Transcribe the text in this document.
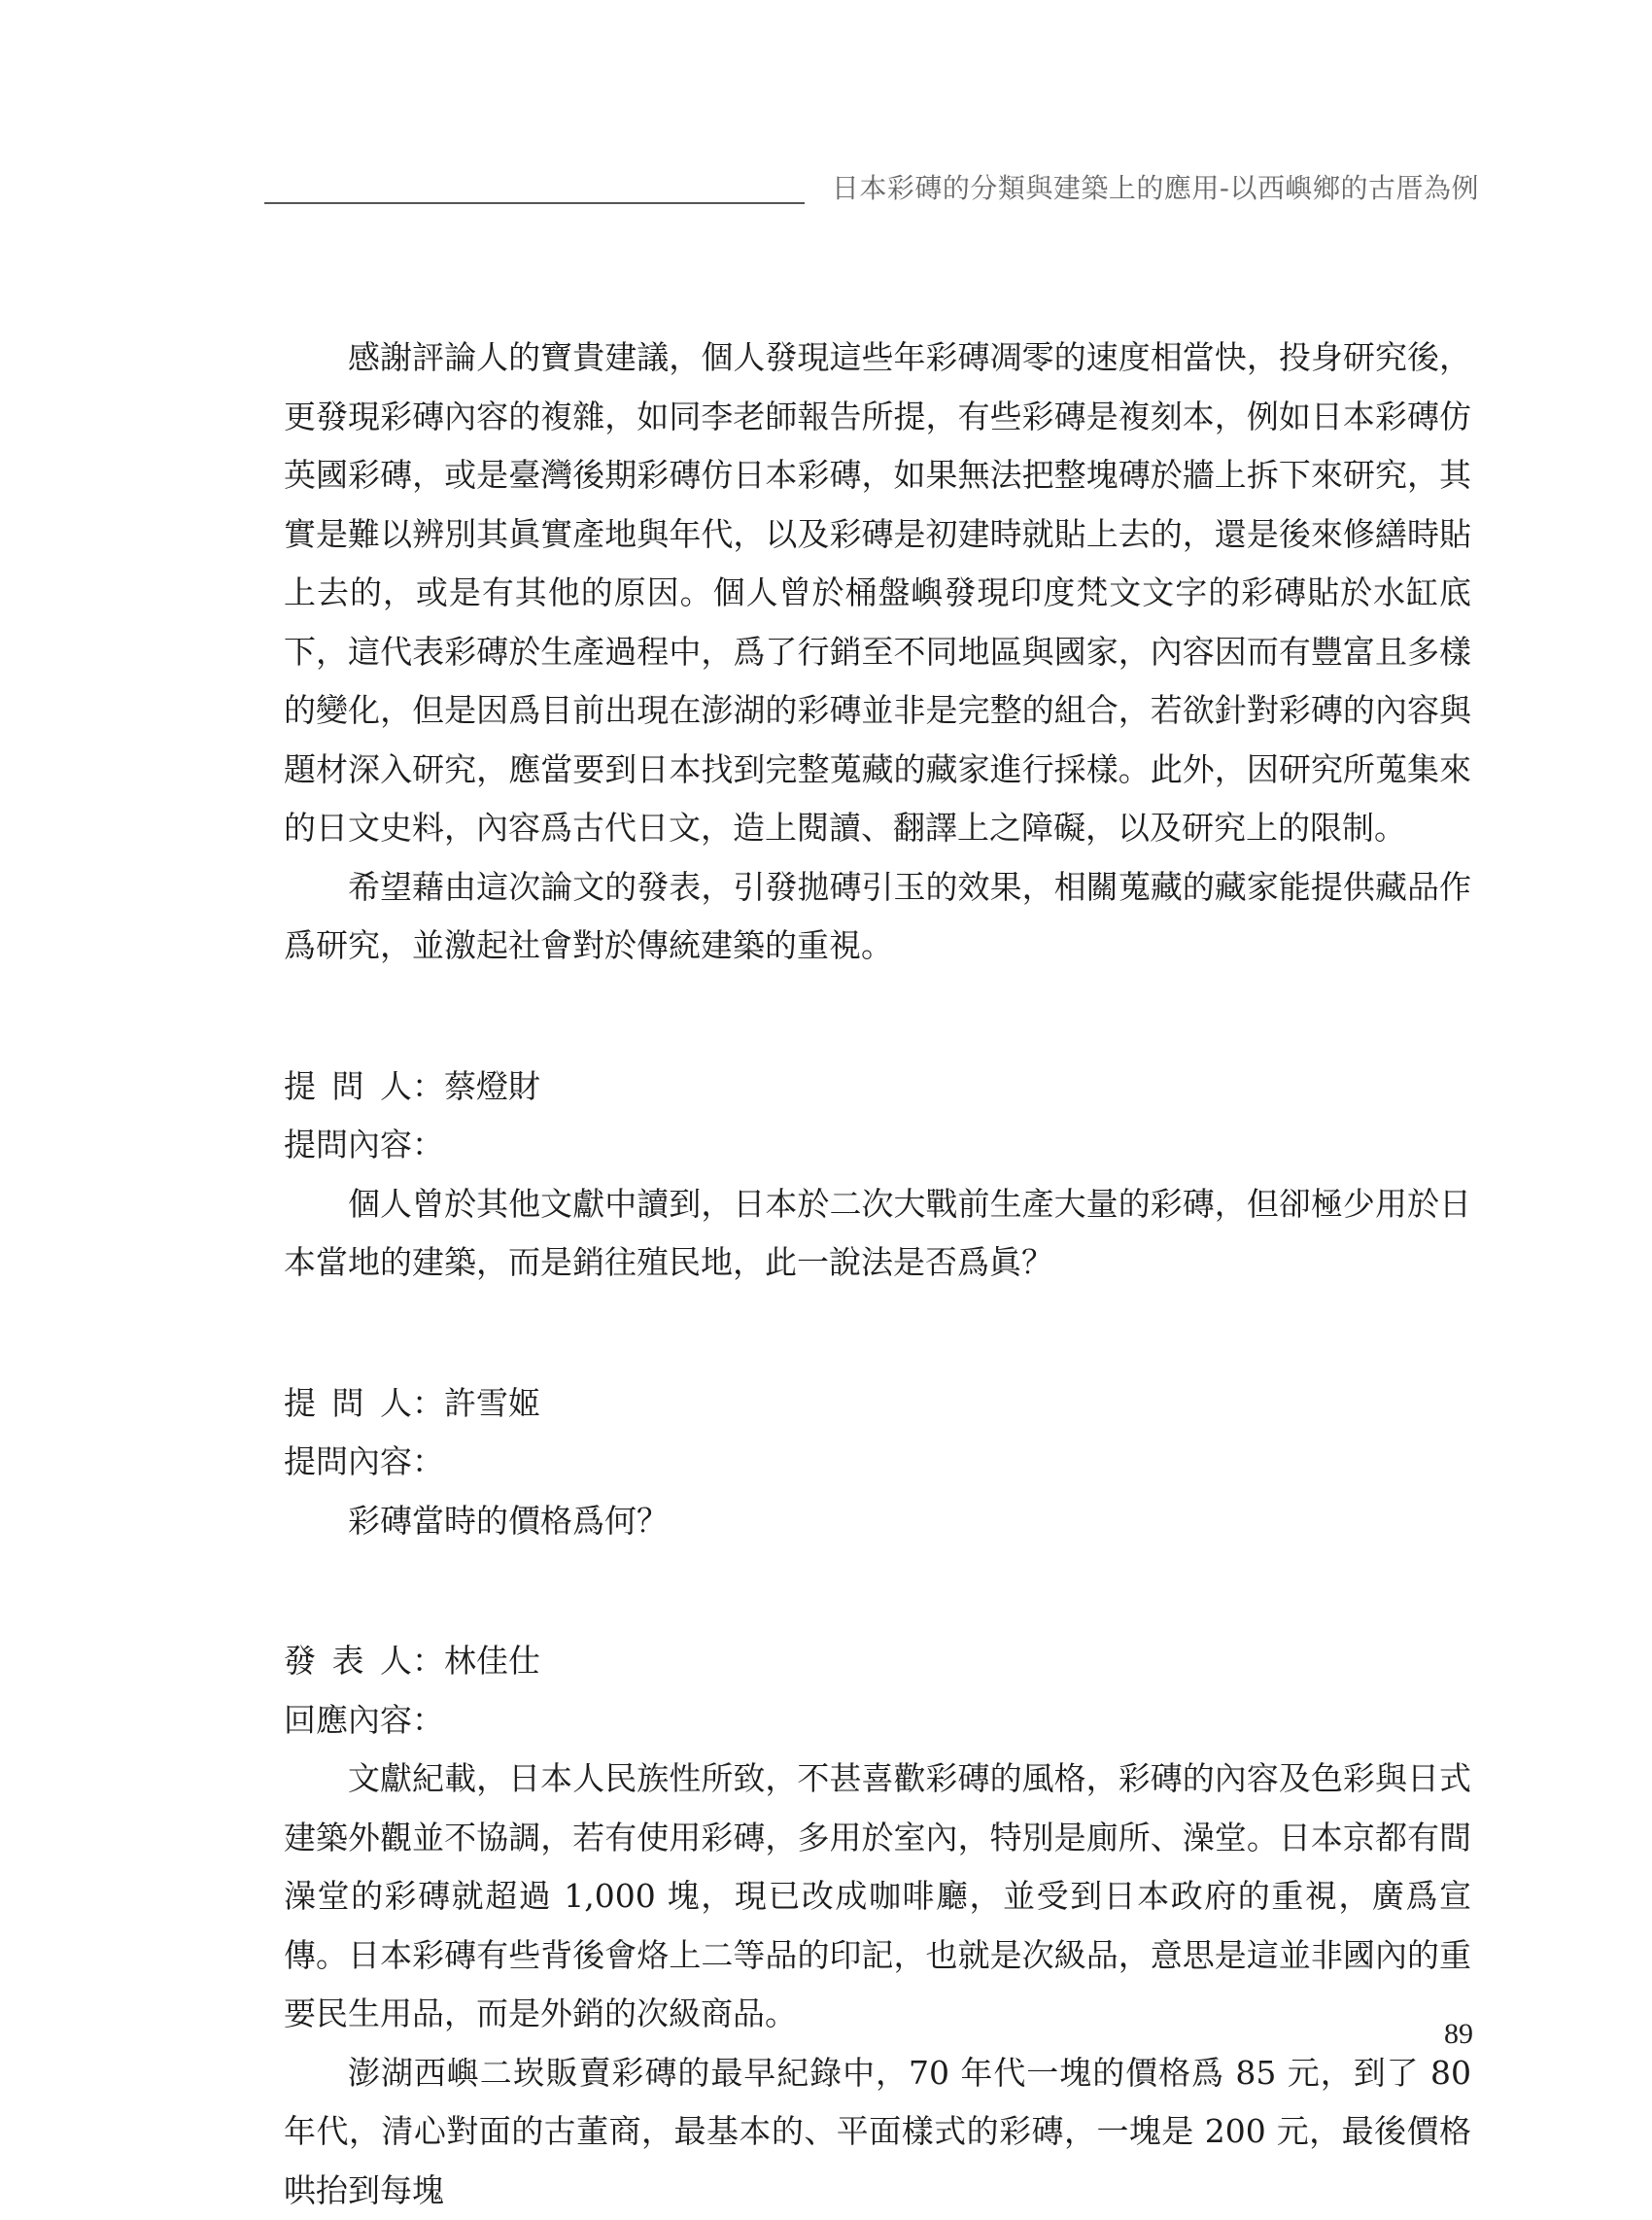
日本彩磚的分類與建築上的應用-以西嶼鄉的古厝為例

感謝評論人的寶貴建議，個人發現這些年彩磚凋零的速度相當快，投身研究後，更發現彩磚內容的複雜，如同李老師報告所提，有些彩磚是複刻本，例如日本彩磚仿英國彩磚，或是臺灣後期彩磚仿日本彩磚，如果無法把整塊磚於牆上拆下來研究，其實是難以辨別其眞實產地與年代，以及彩磚是初建時就貼上去的，還是後來修繕時貼上去的，或是有其他的原因。個人曾於桶盤嶼發現印度梵文文字的彩磚貼於水缸底下，這代表彩磚於生產過程中，爲了行銷至不同地區與國家，內容因而有豐富且多樣的變化，但是因爲目前出現在澎湖的彩磚並非是完整的組合，若欲針對彩磚的內容與題材深入研究，應當要到日本找到完整蒐藏的藏家進行採樣。此外，因研究所蒐集來的日文史料，內容爲古代日文，造上閱讀、翻譯上之障礙，以及研究上的限制。

希望藉由這次論文的發表，引發拋磚引玉的效果，相關蒐藏的藏家能提供藏品作爲研究，並激起社會對於傳統建築的重視。

提問人：蔡燈財

提問內容：

個人曾於其他文獻中讀到，日本於二次大戰前生產大量的彩磚，但卻極少用於日本當地的建築，而是銷往殖民地，此一說法是否爲眞？

提問人：許雪姬

提問內容：

彩磚當時的價格爲何？

發表人：林佳仕

回應內容：

文獻紀載，日本人民族性所致，不甚喜歡彩磚的風格，彩磚的內容及色彩與日式建築外觀並不協調，若有使用彩磚，多用於室內，特別是廁所、澡堂。日本京都有間澡堂的彩磚就超過 1,000 塊，現已改成咖啡廳，並受到日本政府的重視，廣爲宣傳。日本彩磚有些背後會烙上二等品的印記，也就是次級品，意思是這並非國內的重要民生用品，而是外銷的次級商品。

澎湖西嶼二崁販賣彩磚的最早紀錄中，70 年代一塊的價格爲 85 元，到了 80 年代，清心對面的古董商，最基本的、平面樣式的彩磚，一塊是 200 元，最後價格哄抬到每塊

89
